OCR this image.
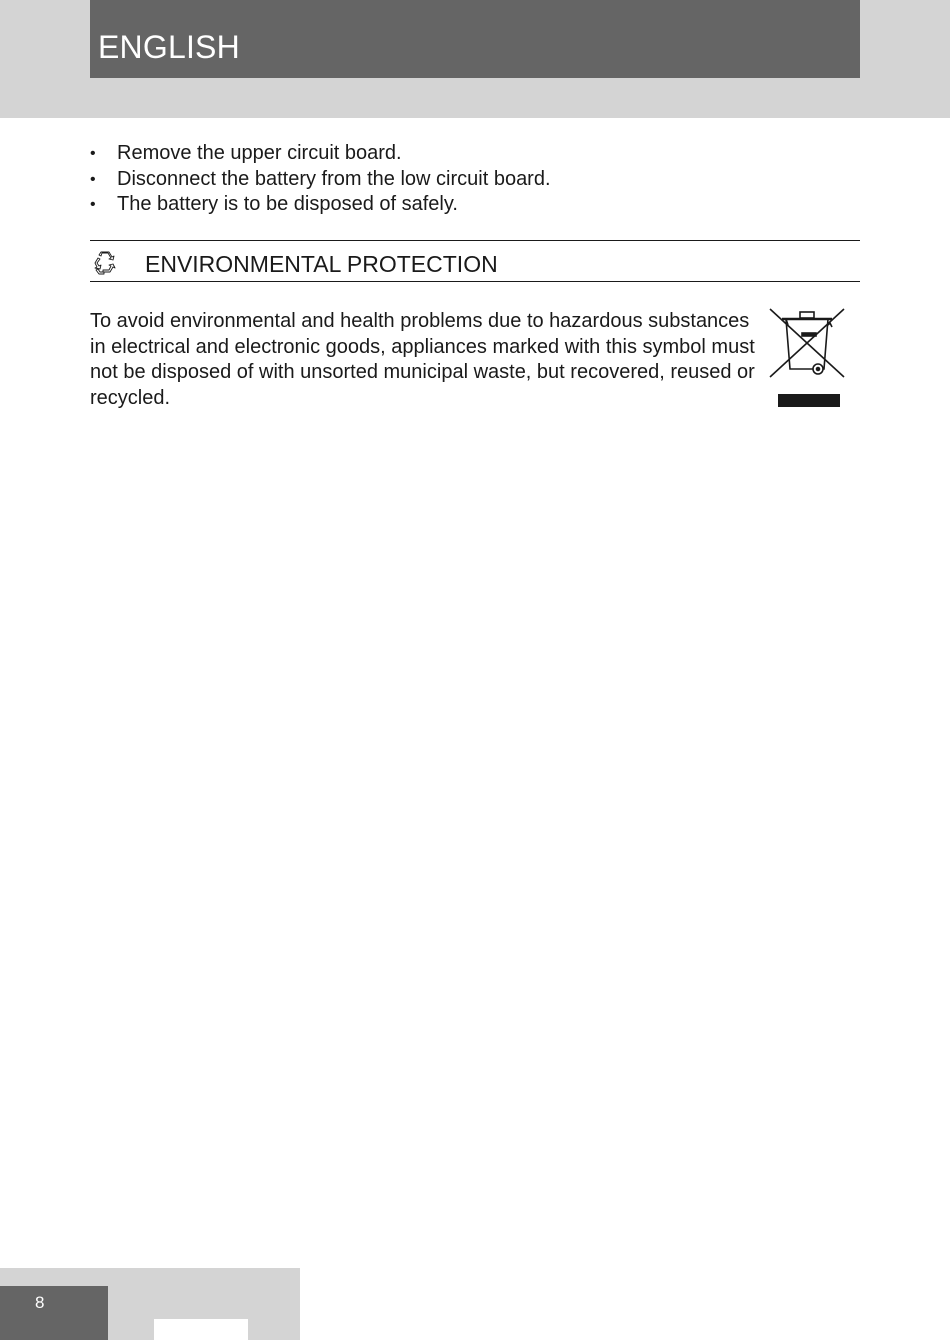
ENGLISH
• Remove the upper circuit board.
• Disconnect the battery from the low circuit board.
• The battery is to be disposed of safely.
ENVIRONMENTAL PROTECTION

To avoid environmental and health problems due to hazardous substances in electrical and electronic goods, appliances marked with this symbol must not be disposed of with unsorted municipal waste, but recovered, reused or recycled.

8
